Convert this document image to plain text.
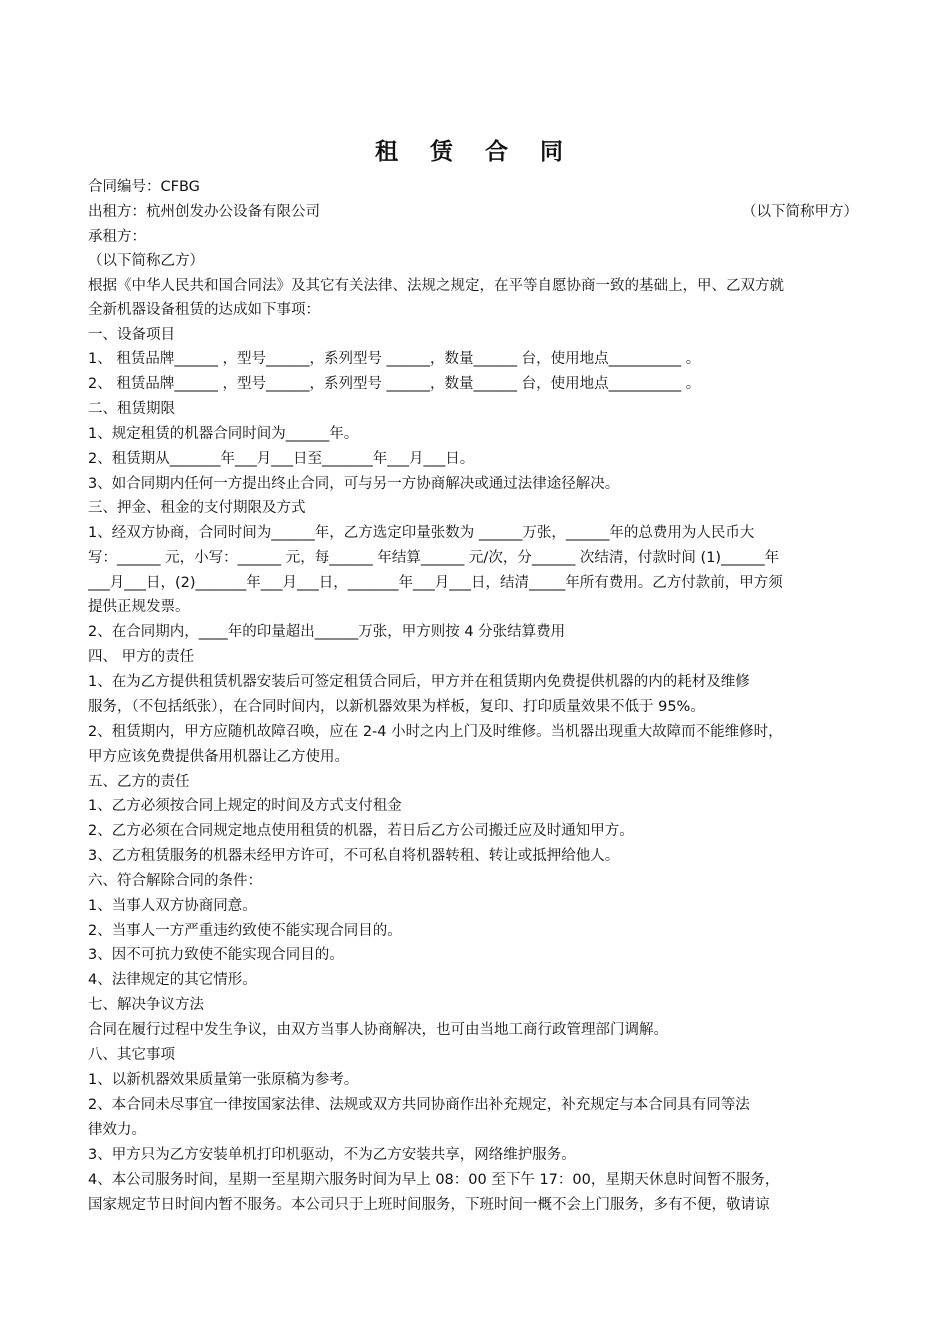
租 赁 合 同
合同编号：CFBG
出租方：杭州创发办公设备有限公司
承租方：
（以下简称乙方）
根据《中华人民共和国合同法》及其它有关法律、法规之规定，在平等自愿协商一致的基础上，甲、乙双方就
全新机器设备租赁的达成如下事项：
一、设备项目
1、 租赁品牌______ ，型号______，系列型号 ______，数量______ 台，使用地点__________ 。
2、 租赁品牌______ ，型号______，系列型号 ______，数量______ 台，使用地点__________ 。
二、租赁期限
1、规定租赁的机器合同时间为______年。
2、租赁期从_______年___月___日至_______年___月___日。
3、如合同期内任何一方提出终止合同，可与另一方协商解决或通过法律途径解决。
三、押金、租金的支付期限及方式
1、经双方协商，合同时间为______年，乙方选定印量张数为 ______万张，______年的总费用为人民币大
写：______ 元，小写：______ 元，每______ 年结算______ 元/次，分______ 次结清，付款时间 (1)______年
___月___日，(2)_______年___月___日，_______年___月___日，结清_____年所有费用。乙方付款前，甲方须
提供正规发票。
2、在合同期内，____年的印量超出______万张，甲方则按 4 分张结算费用
四、 甲方的责任
1、在为乙方提供租赁机器安装后可签定租赁合同后，甲方并在租赁期内免费提供机器的内的耗材及维修
服务，（不包括纸张），在合同时间内，以新机器效果为样板，复印、打印质量效果不低于 95%。
2、租赁期内，甲方应随机故障召唤，应在 2-4 小时之内上门及时维修。当机器出现重大故障而不能维修时，
甲方应该免费提供备用机器让乙方使用。
五、乙方的责任
1、乙方必须按合同上规定的时间及方式支付租金
2、乙方必须在合同规定地点使用租赁的机器，若日后乙方公司搬迁应及时通知甲方。
3、乙方租赁服务的机器未经甲方许可，不可私自将机器转租、转让或抵押给他人。
六、符合解除合同的条件：
1、当事人双方协商同意。
2、当事人一方严重违约致使不能实现合同目的。
3、因不可抗力致使不能实现合同目的。
4、法律规定的其它情形。
七、解决争议方法
合同在履行过程中发生争议，由双方当事人协商解决，也可由当地工商行政管理部门调解。
八、其它事项
1、以新机器效果质量第一张原稿为参考。
2、本合同未尽事宜一律按国家法律、法规或双方共同协商作出补充规定，补充规定与本合同具有同等法
律效力。
3、甲方只为乙方安装单机打印机驱动，不为乙方安装共享，网络维护服务。
4、本公司服务时间，星期一至星期六服务时间为早上 08：00 至下午 17：00，星期天休息时间暂不服务，
国家规定节日时间内暂不服务。本公司只于上班时间服务，下班时间一概不会上门服务，多有不便，敬请谅
（以下简称甲方）
